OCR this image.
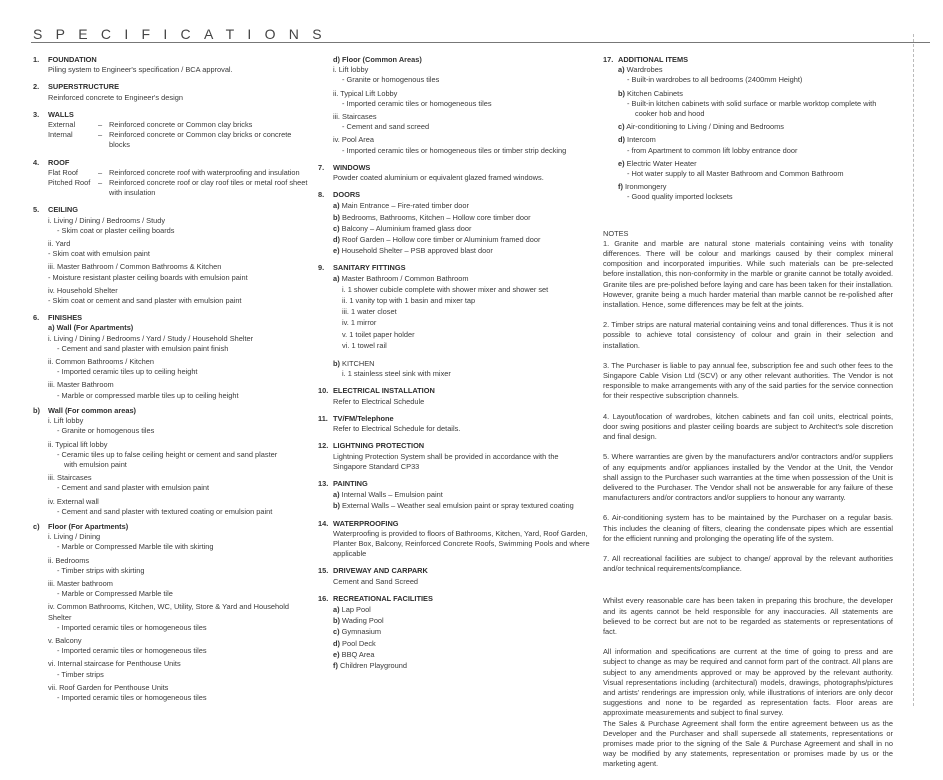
SPECIFICATIONS
1. FOUNDATION
Piling system to Engineer's specification / BCA approval.
2. SUPERSTRUCTURE
Reinforced concrete to Engineer's design
3. WALLS
External	– Reinforced concrete or Common clay bricks
Internal	– Reinforced concrete or Common clay bricks or concrete blocks
4. ROOF
Flat Roof	– Reinforced concrete roof with waterproofing and insulation
Pitched Roof	– Reinforced concrete roof or clay roof tiles or metal roof sheet with insulation
5. CEILING
i. Living / Dining / Bedrooms / Study
- Skim coat or plaster ceiling boards
ii. Yard
- Skim coat with emulsion paint
iii. Master Bathroom / Common Bathrooms & Kitchen
- Moisture resistant plaster ceiling boards with emulsion paint
iv. Household Shelter
- Skim coat or cement and sand plaster with emulsion paint
6. FINISHES
a) Wall (For Apartments)
i. Living / Dining / Bedrooms / Yard / Study / Household Shelter
- Cement and sand plaster with emulsion paint finish
ii. Common Bathrooms / Kitchen
- Imported ceramic tiles up to ceiling height
iii. Master Bathroom
- Marble or compressed marble tiles up to ceiling height
b) Wall (For common areas)
i. Lift lobby
- Granite or homogenous tiles
ii. Typical lift lobby
- Ceramic tiles up to false ceiling height or cement and sand plaster
with emulsion paint
iii. Staircases
- Cement and sand plaster with emulsion paint
iv. External wall
- Cement and sand plaster with textured coating or emulsion paint
c) Floor (For Apartments)
i. Living / Dining
- Marble or Compressed Marble tile with skirting
ii. Bedrooms
- Timber strips with skirting
iii. Master bathroom
- Marble or Compressed Marble tile
iv. Common Bathrooms, Kitchen, WC, Utility, Store & Yard and Household Shelter
- Imported ceramic tiles or homogeneous tiles
v. Balcony
- Imported ceramic tiles or homogeneous tiles
vi. Internal staircase for Penthouse Units
- Timber strips
vii. Roof Garden for Penthouse Units
- Imported ceramic tiles or homogeneous tiles
d) Floor (Common Areas)
i. Lift lobby
- Granite or homogenous tiles
ii. Typical Lift Lobby
- Imported ceramic tiles or homogeneous tiles
iii. Staircases
- Cement and sand screed
iv. Pool Area
- Imported ceramic tiles or homogeneous tiles or timber strip decking
7. WINDOWS
Powder coated aluminium or equivalent glazed framed windows.
8. DOORS
a) Main Entrance – Fire-rated timber door
b) Bedrooms, Bathrooms, Kitchen – Hollow core timber door
c) Balcony – Aluminium framed glass door
d) Roof Garden – Hollow core timber or Aluminium framed door
e) Household Shelter – PSB approved blast door
9. SANITARY FITTINGS
a) Master Bathroom / Common Bathroom
i. 1 shower cubicle complete with shower mixer and shower set
ii. 1 vanity top with 1 basin and mixer tap
iii. 1 water closet
iv. 1 mirror
v. 1 toilet paper holder
vi. 1 towel rail
b) KITCHEN
i. 1 stainless steel sink with mixer
10. ELECTRICAL INSTALLATION
Refer to Electrical Schedule
11. TV/FM/Telephone
Refer to Electrical Schedule for details.
12. LIGHTNING PROTECTION
Lightning Protection System shall be provided in accordance with the Singapore Standard CP33
13. PAINTING
a) Internal Walls – Emulsion paint
b) External Walls – Weather seal emulsion paint or spray textured coating
14. WATERPROOFING
Waterproofing is provided to floors of Bathrooms, Kitchen, Yard, Roof Garden, Planter Box, Balcony, Reinforced Concrete Roofs, Swimming Pools and where applicable
15. DRIVEWAY AND CARPARK
Cement and Sand Screed
16. RECREATIONAL FACILITIES
a) Lap Pool
b) Wading Pool
c) Gymnasium
d) Pool Deck
e) BBQ Area
f) Children Playground
17. ADDITIONAL ITEMS
a) Wardrobes
- Built-in wardrobes to all bedrooms (2400mm Height)
b) Kitchen Cabinets
- Built-in kitchen cabinets with solid surface or marble worktop complete with
cooker hob and hood
c) Air-conditioning to Living / Dining and Bedrooms
d) Intercom
- from Apartment to common lift lobby entrance door
e) Electric Water Heater
- Hot water supply to all Master Bathroom and Common Bathroom
f) Ironmongery
- Good quality imported locksets
NOTES
1. Granite and marble are natural stone materials containing veins with tonality differences. There will be colour and markings caused by their complex mineral composition and incorporated impurities. While such materials can be pre-selected before installation, this non-conformity in the marble or granite cannot be totally avoided. Granite tiles are pre-polished before laying and care has been taken for their installation. However, granite being a much harder material than marble cannot be re-polished after installation. Hence, some differences may be felt at the joints.
2. Timber strips are natural material containing veins and tonal differences. Thus it is not possible to achieve total consistency of colour and grain in their selection and installation.
3. The Purchaser is liable to pay annual fee, subscription fee and such other fees to the Singapore Cable Vision Ltd (SCV) or any other relevant authorities. The Vendor is not responsible to make arrangements with any of the said parties for the service connection for their respective subscription channels.
4. Layout/location of wardrobes, kitchen cabinets and fan coil units, electrical points, door swing positions and plaster ceiling boards are subject to Architect's sole discretion and final design.
5. Where warranties are given by the manufacturers and/or contractors and/or suppliers of any equipments and/or appliances installed by the Vendor at the Unit, the Vendor shall assign to the Purchaser such warranties at the time when possession of the Unit is delivered to the Purchaser. The Vendor shall not be answerable for any failure of these manufacturers and/or contractors and/or suppliers to honour any warranty.
6. Air-conditioning system has to be maintained by the Purchaser on a regular basis. This includes the cleaning of filters, clearing the condensate pipes which are essential for the efficient running and prolonging the operating life of the system.
7. All recreational facilities are subject to change/ approval by the relevant authorities and/or technical requirements/compliance.
Whilst every reasonable care has been taken in preparing this brochure, the developer and its agents cannot be held responsible for any inaccuracies. All statements are believed to be correct but are not to be regarded as statements or representations of fact.
All information and specifications are current at the time of going to press and are subject to change as may be required and cannot form part of the contract. All plans are subject to any amendments approved or may be approved by the relevant authority. Visual representations including (architectural) models, drawings, photographs/pictures and artists' renderings are impression only, while illustrations of interiors are only decor suggestions and none to be regarded as representation facts. Floor areas are approximate measurements and subject to final survey.
The Sales & Purchase Agreement shall form the entire agreement between us as the Developer and the Purchaser and shall supersede all statements, representations or promises made prior to the signing of the Sale & Purchase Agreement and shall in no way be modified by any statements, representation or promises made by us or the marketing agent.
